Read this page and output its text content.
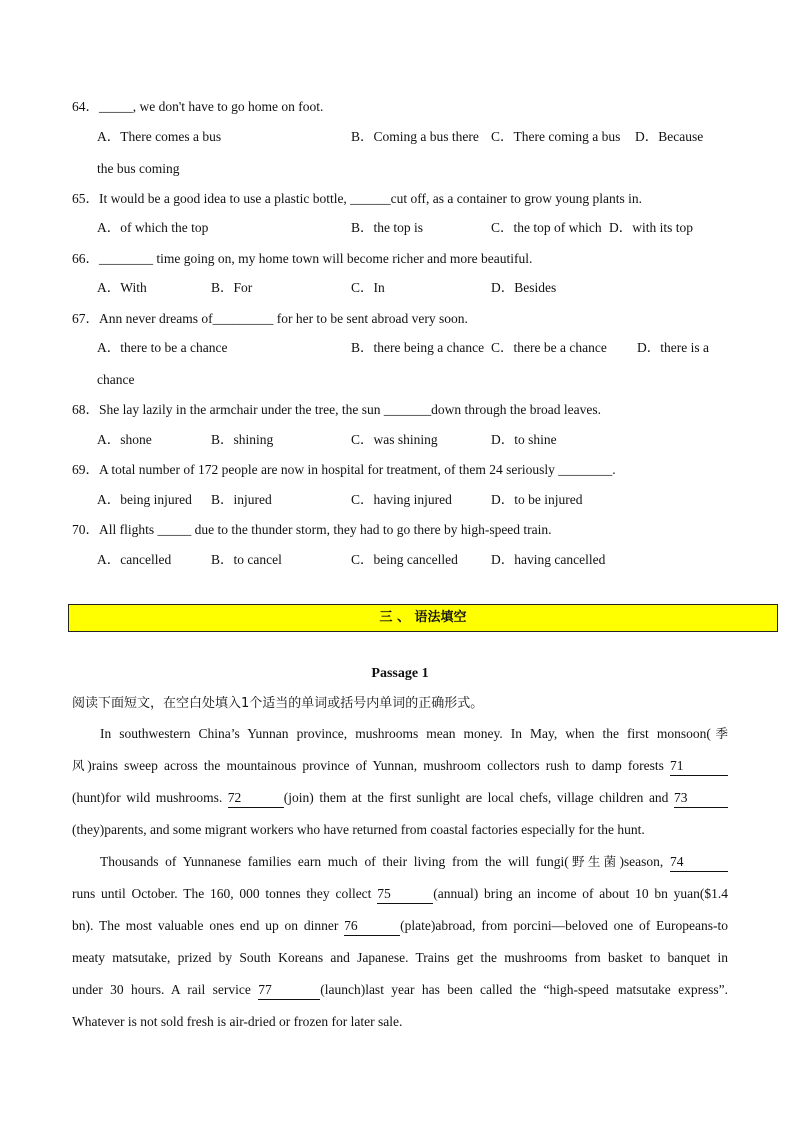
64．_____, we don't have to go home on foot.
A．There comes a bus	B．Coming a bus there C．There coming a bus D．Because
the bus coming
65．It would be a good idea to use a plastic bottle, ______cut off, as a container to grow young plants in.
A．of which the top	B．the top is	C．the top of which D．with its top
66．________ time going on, my home town will become richer and more beautiful.
A．With	B．For	C．In	D．Besides
67．Ann never dreams of_________ for her to be sent abroad very soon.
A．there to be a chance	B．there being a chance C．there be a chance D．there is a
chance
68．She lay lazily in the armchair under the tree, the sun _______down through the broad leaves.
A．shone	B．shining	C．was shining	D．to shine
69．A total number of 172 people are now in hospital for treatment, of them 24 seriously ________.
A．being injured B．injured	C．having injured	D．to be injured
70．All flights _____ due to the thunder storm, they had to go there by high-speed train.
A．cancelled	B．to cancel	C．being cancelled D．having cancelled
三 、 语法填空
Passage 1
阅读下面短文，在空白处填入1个适当的单词或括号内单词的正确形式。
In southwestern China’s Yunnan province, mushrooms mean money. In May, when the first monsoon(季
风)rains sweep across the mountainous province of Yunnan, mushroom collectors rush to damp forests 71
(hunt)for wild mushrooms. 72	(join) them at the first sunlight are local chefs, village children and 73
(they)parents, and some migrant workers who have returned from coastal factories especially for the hunt.
Thousands of Yunnanese families earn much of their living from the will fungi(野生菌)season, 74
runs until October. The 160, 000 tonnes they collect 75	(annual) bring an income of about 10 bn yuan($1.4
bn). The most valuable ones end up on dinner 76	(plate)abroad, from porcini—beloved one of Europeans-to
meaty matsutake, prized by South Koreans and Japanese. Trains get the mushrooms from basket to banquet in
under 30 hours. A rail service 77	(launch)last year has been called the “high-speed matsutake express”.
Whatever is not sold fresh is air-dried or frozen for later sale.
